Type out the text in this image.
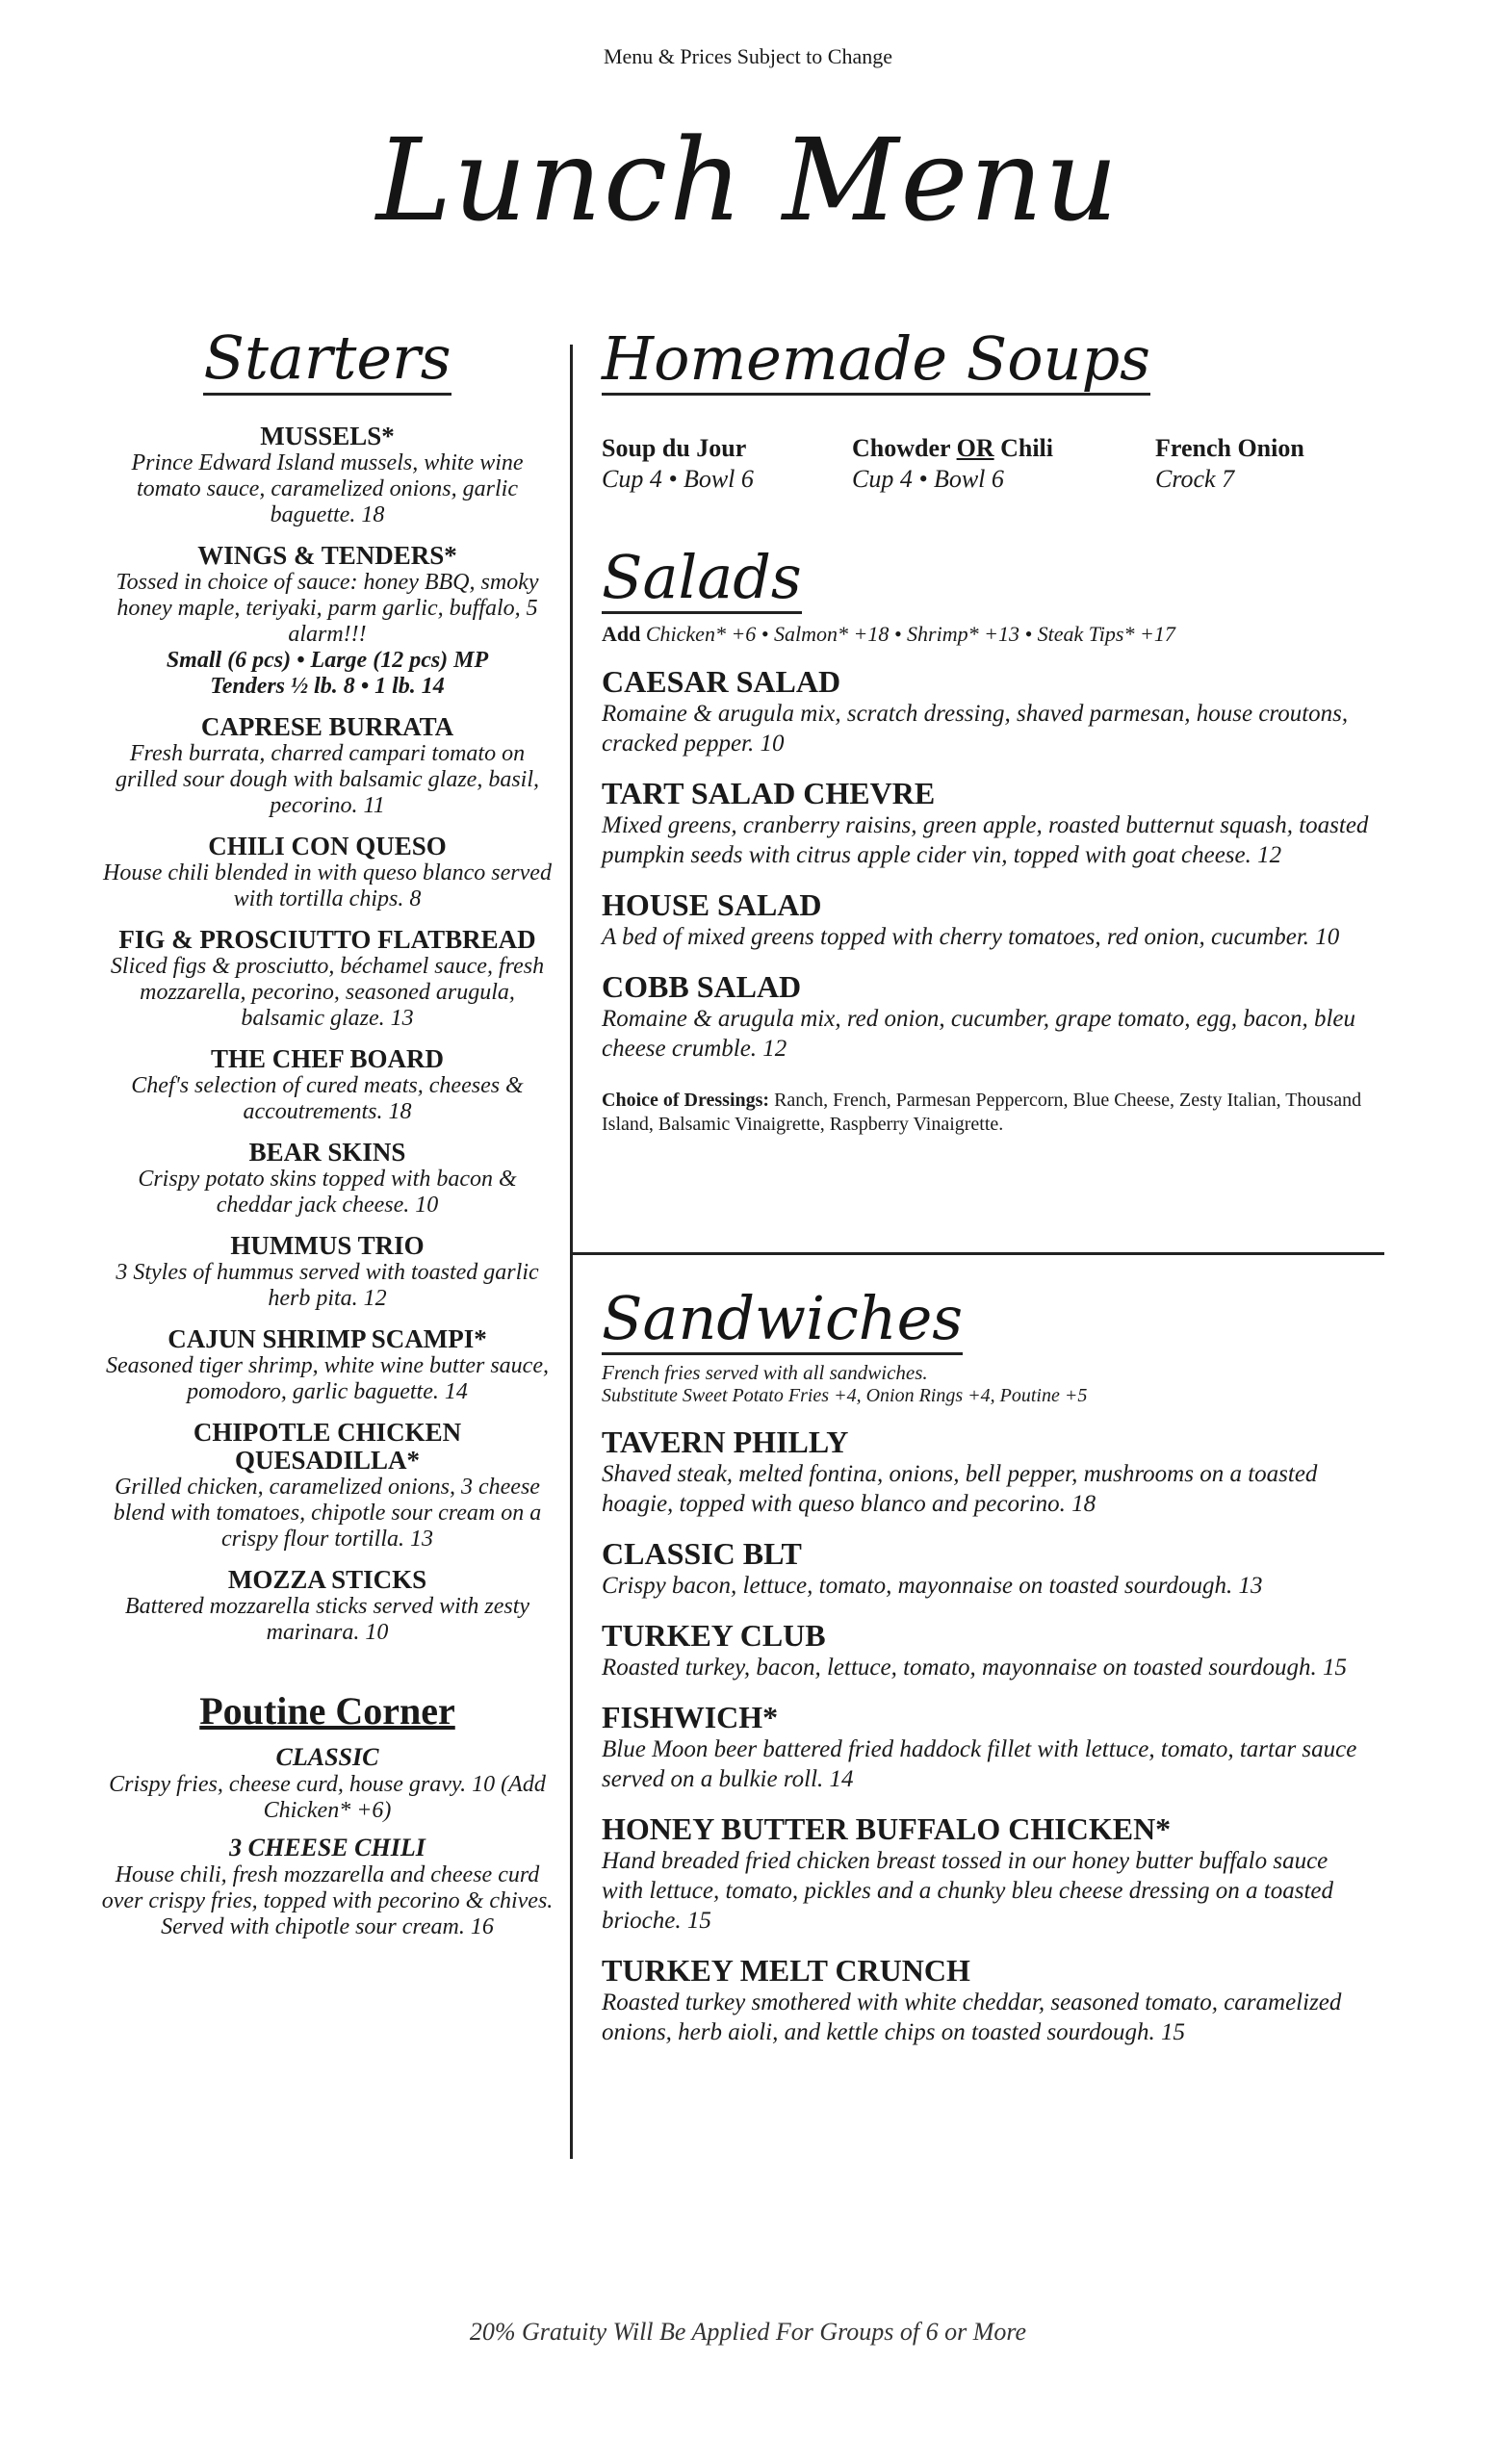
Menu & Prices Subject to Change
Lunch Menu
Starters
MUSSELS*
Prince Edward Island mussels, white wine tomato sauce, caramelized onions, garlic baguette. 18
WINGS & TENDERS*
Tossed in choice of sauce: honey BBQ, smoky honey maple, teriyaki, parm garlic, buffalo, 5 alarm!!!
Small (6 pcs) • Large (12 pcs) MP
Tenders ½ lb. 8 • 1 lb. 14
CAPRESE BURRATA
Fresh burrata, charred campari tomato on grilled sour dough with balsamic glaze, basil, pecorino. 11
CHILI CON QUESO
House chili blended in with queso blanco served with tortilla chips. 8
FIG & PROSCIUTTO FLATBREAD
Sliced figs & prosciutto, béchamel sauce, fresh mozzarella, pecorino, seasoned arugula, balsamic glaze. 13
THE CHEF BOARD
Chef's selection of cured meats, cheeses & accoutrements. 18
BEAR SKINS
Crispy potato skins topped with bacon & cheddar jack cheese. 10
HUMMUS TRIO
3 Styles of hummus served with toasted garlic herb pita. 12
CAJUN SHRIMP SCAMPI*
Seasoned tiger shrimp, white wine butter sauce, pomodoro, garlic baguette. 14
CHIPOTLE CHICKEN QUESADILLA*
Grilled chicken, caramelized onions, 3 cheese blend with tomatoes, chipotle sour cream on a crispy flour tortilla. 13
MOZZA STICKS
Battered mozzarella sticks served with zesty marinara. 10
Poutine Corner
CLASSIC
Crispy fries, cheese curd, house gravy. 10 (Add Chicken* +6)
3 CHEESE CHILI
House chili, fresh mozzarella and cheese curd over crispy fries, topped with pecorino & chives. Served with chipotle sour cream. 16
Homemade Soups
Soup du Jour
Cup 4 • Bowl 6
Chowder OR Chili
Cup 4 • Bowl 6
French Onion
Crock 7
Salads
Add Chicken* +6 • Salmon* +18 • Shrimp* +13 • Steak Tips* +17
CAESAR SALAD
Romaine & arugula mix, scratch dressing, shaved parmesan, house croutons, cracked pepper. 10
TART SALAD CHEVRE
Mixed greens, cranberry raisins, green apple, roasted butternut squash, toasted pumpkin seeds with citrus apple cider vin, topped with goat cheese. 12
HOUSE SALAD
A bed of mixed greens topped with cherry tomatoes, red onion, cucumber. 10
COBB SALAD
Romaine & arugula mix, red onion, cucumber, grape tomato, egg, bacon, bleu cheese crumble. 12
Choice of Dressings: Ranch, French, Parmesan Peppercorn, Blue Cheese, Zesty Italian, Thousand Island, Balsamic Vinaigrette, Raspberry Vinaigrette.
Sandwiches
French fries served with all sandwiches.
Substitute Sweet Potato Fries +4, Onion Rings +4, Poutine +5
TAVERN PHILLY
Shaved steak, melted fontina, onions, bell pepper, mushrooms on a toasted hoagie, topped with queso blanco and pecorino. 18
CLASSIC BLT
Crispy bacon, lettuce, tomato, mayonnaise on toasted sourdough. 13
TURKEY CLUB
Roasted turkey, bacon, lettuce, tomato, mayonnaise on toasted sourdough. 15
FISHWICH*
Blue Moon beer battered fried haddock fillet with lettuce, tomato, tartar sauce served on a bulkie roll. 14
HONEY BUTTER BUFFALO CHICKEN*
Hand breaded fried chicken breast tossed in our honey butter buffalo sauce with lettuce, tomato, pickles and a chunky bleu cheese dressing on a toasted brioche. 15
TURKEY MELT CRUNCH
Roasted turkey smothered with white cheddar, seasoned tomato, caramelized onions, herb aioli, and kettle chips on toasted sourdough. 15
20% Gratuity Will Be Applied For Groups of 6 or More
